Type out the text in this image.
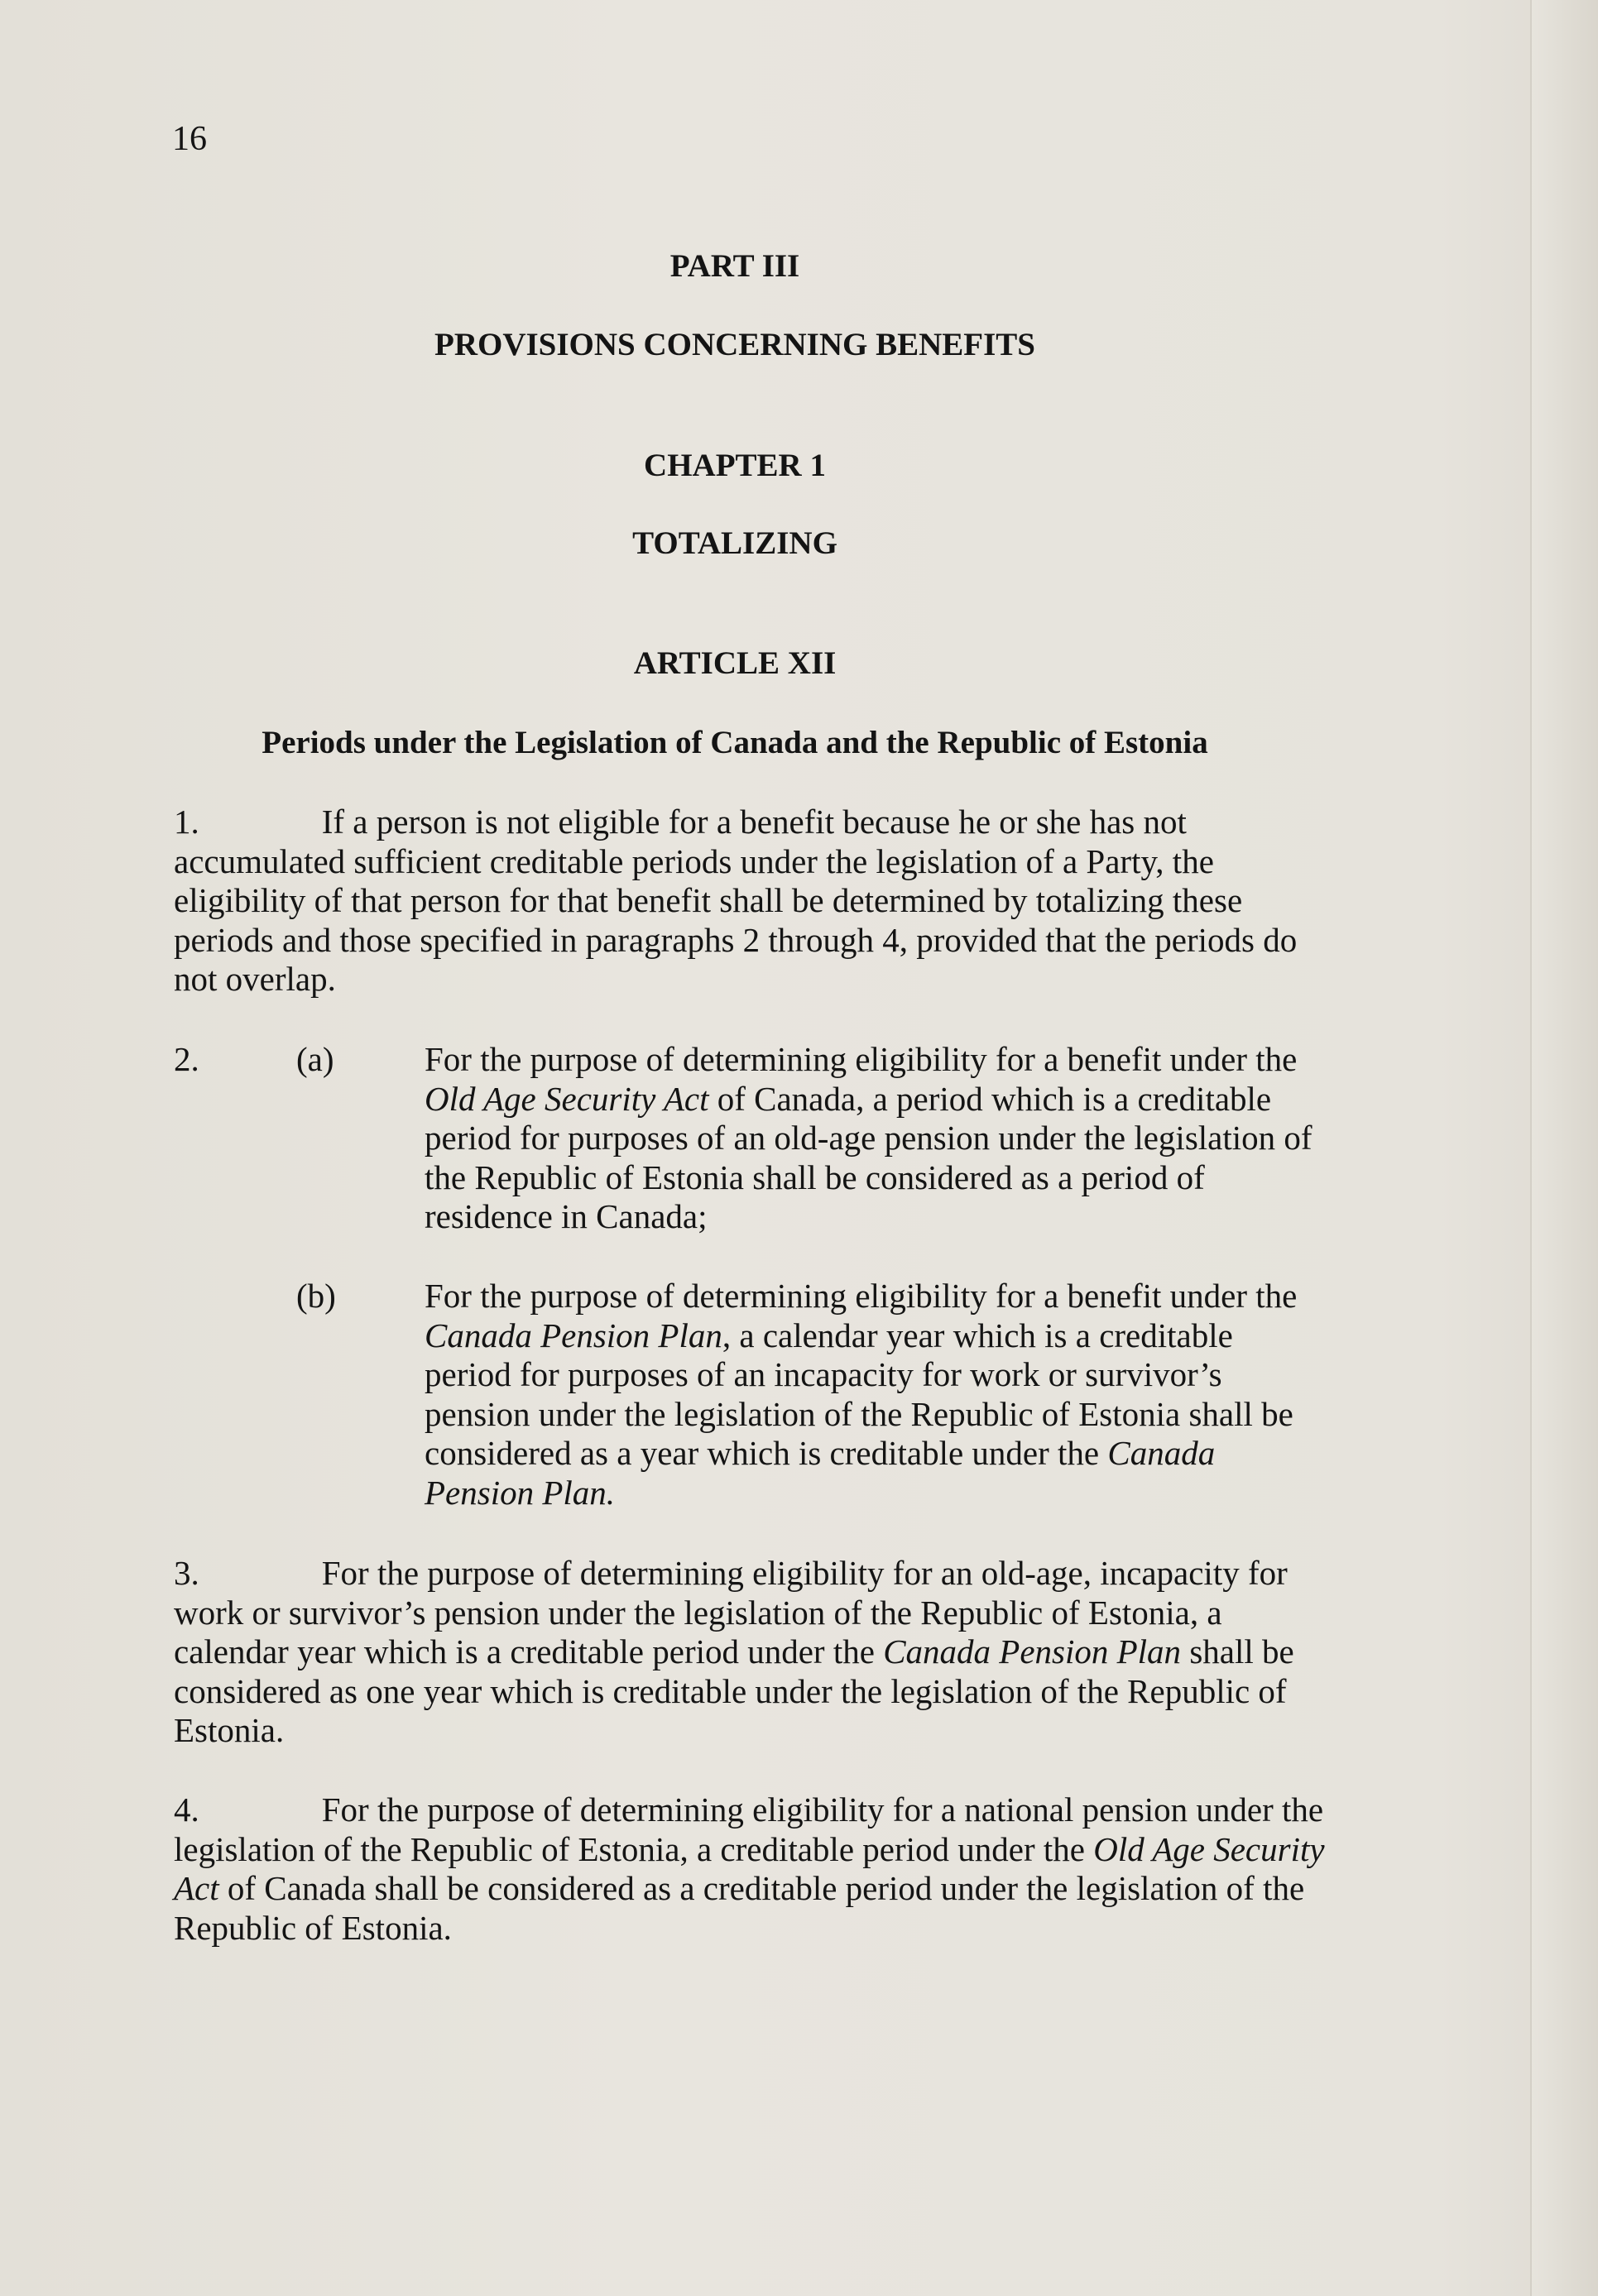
16
PART III
PROVISIONS CONCERNING BENEFITS
CHAPTER 1
TOTALIZING
ARTICLE XII
Periods under the Legislation of Canada and the Republic of Estonia
1.	If a person is not eligible for a benefit because he or she has not accumulated sufficient creditable periods under the legislation of a Party, the eligibility of that person for that benefit shall be determined by totalizing these periods and those specified in paragraphs 2 through 4, provided that the periods do not overlap.
2.	(a)	For the purpose of determining eligibility for a benefit under the Old Age Security Act of Canada, a period which is a creditable period for purposes of an old-age pension under the legislation of the Republic of Estonia shall be considered as a period of residence in Canada;
(b)	For the purpose of determining eligibility for a benefit under the Canada Pension Plan, a calendar year which is a creditable period for purposes of an incapacity for work or survivor’s pension under the legislation of the Republic of Estonia shall be considered as a year which is creditable under the Canada Pension Plan.
3.	For the purpose of determining eligibility for an old-age, incapacity for work or survivor’s pension under the legislation of the Republic of Estonia, a calendar year which is a creditable period under the Canada Pension Plan shall be considered as one year which is creditable under the legislation of the Republic of Estonia.
4.	For the purpose of determining eligibility for a national pension under the legislation of the Republic of Estonia, a creditable period under the Old Age Security Act of Canada shall be considered as a creditable period under the legislation of the Republic of Estonia.
